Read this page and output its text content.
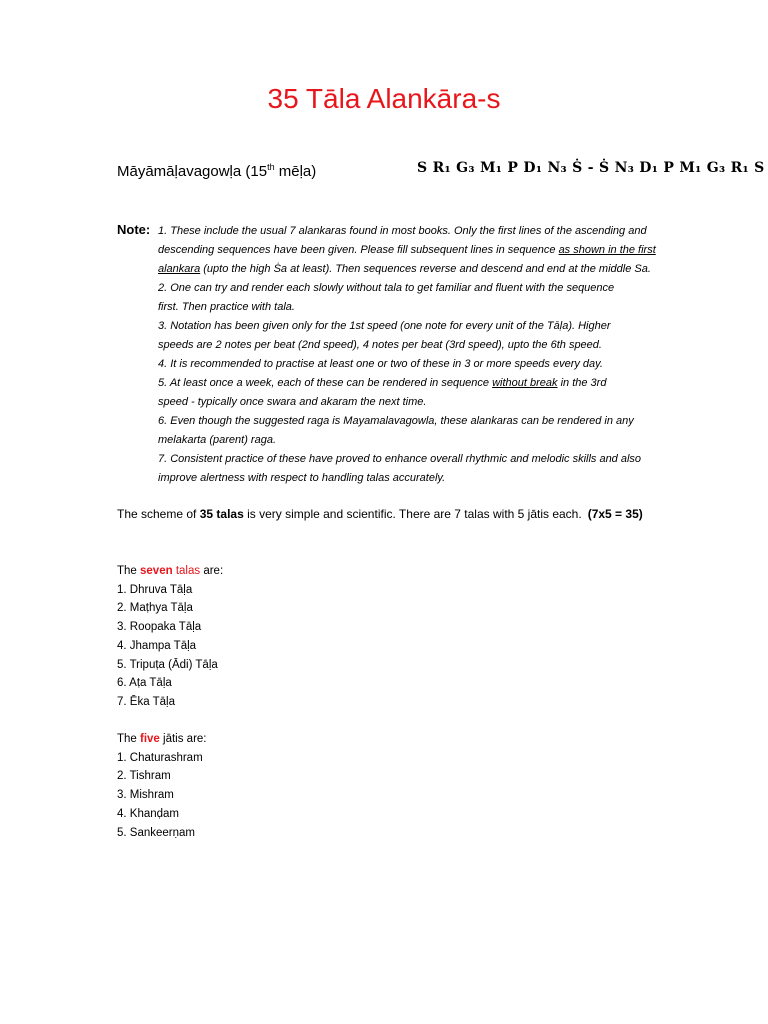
35 Tāla Alankāra-s
Māyāmāḷavagowḷa (15th mēḷa)	S R₁ G₃ M₁ P D₁ N₃ Ṡ - Ṡ N₃ D₁ P M₁ G₃ R₁ S
Note: 1. These include the usual 7 alankaras found in most books. Only the first lines of the ascending and

descending sequences have been given. Please fill subsequent lines in sequence as shown in the first

alankara (upto the high Ṡa at least). Then sequences reverse and descend and end at the middle Sa.

2. One can try and render each slowly without tala to get familiar and fluent with the sequence

first. Then practice with tala.

3. Notation has been given only for the 1st speed (one note for every unit of the Tāḷa). Higher

speeds are 2 notes per beat (2nd speed), 4 notes per beat (3rd speed), upto the 6th speed.

4. It is recommended to practise at least one or two of these in 3 or more speeds every day.

5. At least once a week, each of these can be rendered in sequence without break in the 3rd

speed - typically once swara and akaram the next time.

6. Even though the suggested raga is Mayamalavagowla, these alankaras can be rendered in any

melakarta (parent) raga.

7. Consistent practice of these have proved to enhance overall rhythmic and melodic skills and also

improve alertness with respect to handling talas accurately.

The scheme of 35 talas is very simple and scientific. There are 7 talas with 5 jātis each. (7x5 = 35)

The seven talas are:

1. Dhruva Tāḷa

2. Maṭhya Tāḷa

3. Roopaka Tāḷa

4. Jhampa Tāḷa

5. Tripuṭa (Ādi) Tāḷa

6. Aṭa Tāḷa

7. Ēka Tāḷa

The five jātis are:

1. Chaturashram

2. Tishram

3. Mishram

4. Khanḍam

5. Sankeerṇam
